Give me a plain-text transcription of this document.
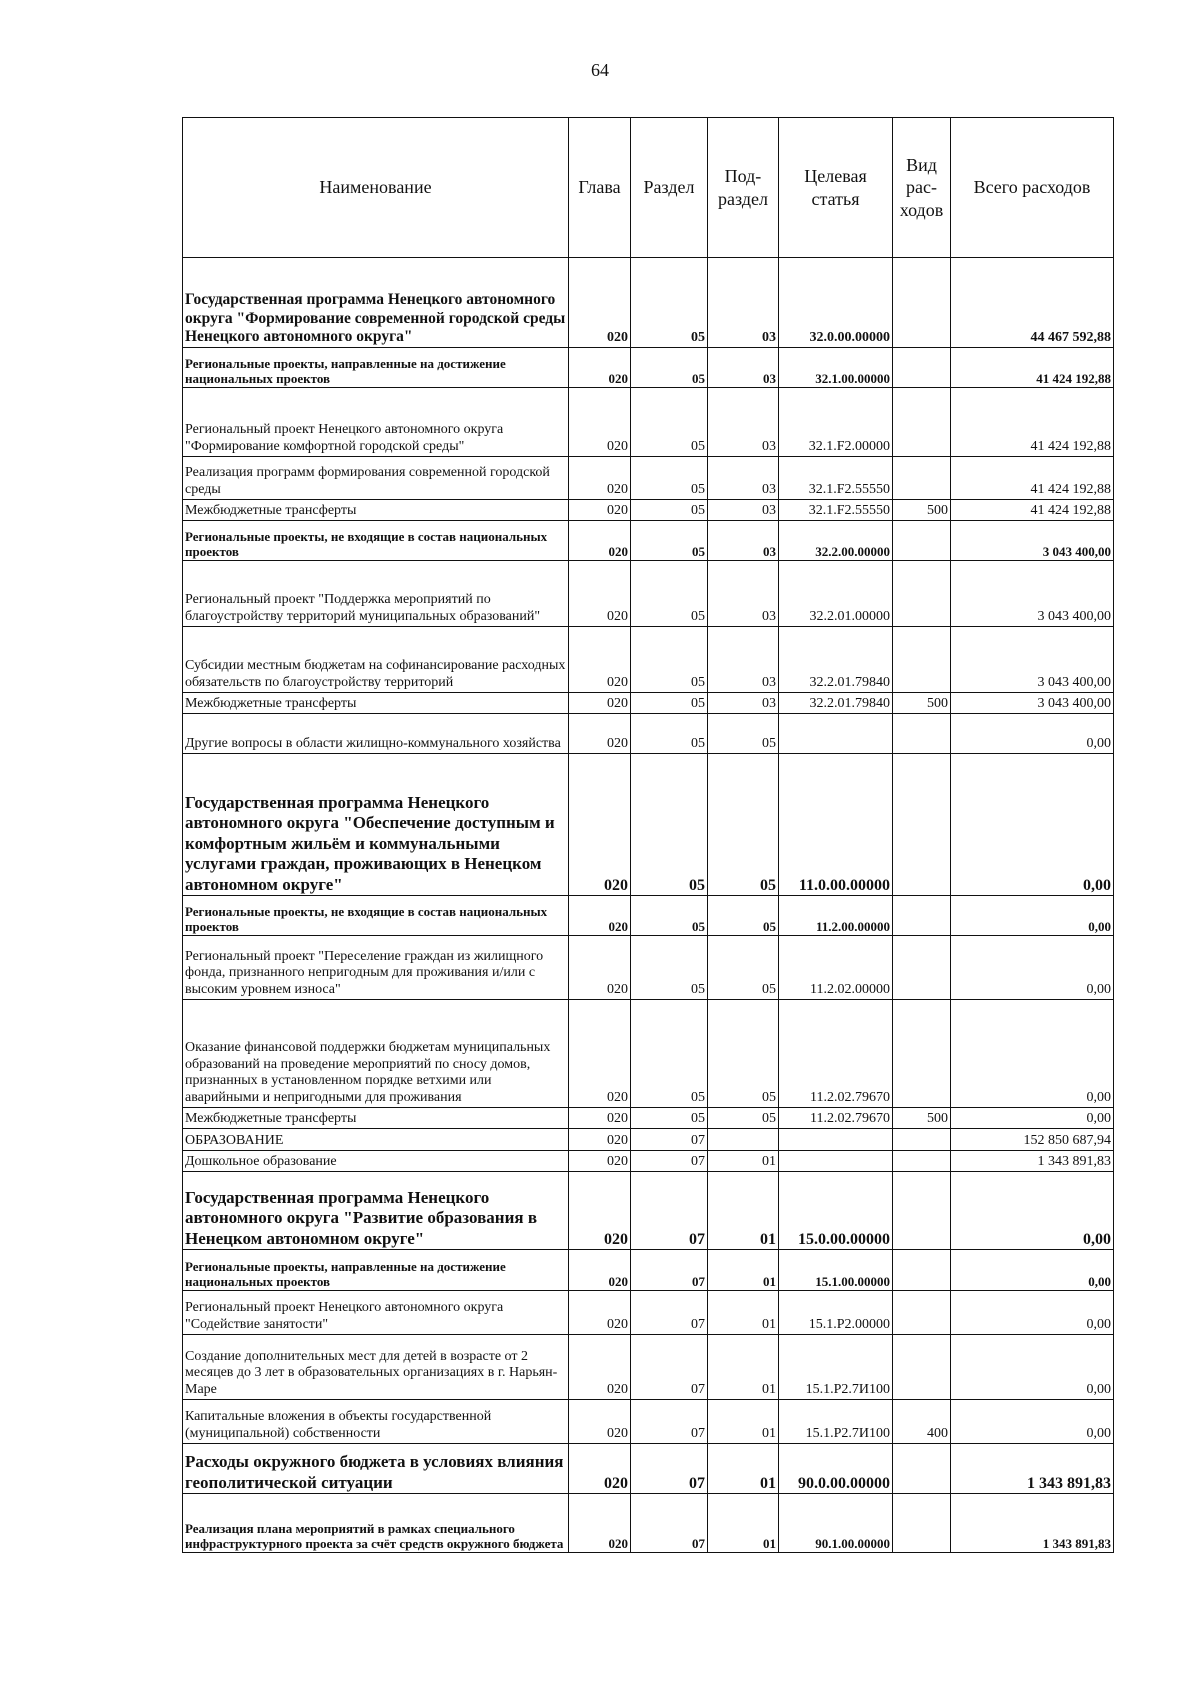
64
Наименование	Глава	Раздел	Под- раздел	Целевая статья	Вид рас- ходов	Всего расходов
Государственная программа Ненецкого автономного округа "Формирование современной городской среды Ненецкого автономного округа"	020	05	03	32.0.00.00000		44 467 592,88
Региональные проекты, направленные на достижение национальных проектов	020	05	03	32.1.00.00000		41 424 192,88
Региональный проект Ненецкого автономного округа "Формирование комфортной городской среды"	020	05	03	32.1.F2.00000		41 424 192,88
Реализация программ формирования современной городской среды	020	05	03	32.1.F2.55550		41 424 192,88
Межбюджетные трансферты	020	05	03	32.1.F2.55550	500	41 424 192,88
Региональные проекты, не входящие в состав национальных проектов	020	05	03	32.2.00.00000		3 043 400,00
Региональный проект "Поддержка мероприятий по благоустройству территорий муниципальных образований"	020	05	03	32.2.01.00000		3 043 400,00
Субсидии местным бюджетам на софинансирование расходных обязательств по благоустройству территорий	020	05	03	32.2.01.79840		3 043 400,00
Межбюджетные трансферты	020	05	03	32.2.01.79840	500	3 043 400,00
Другие вопросы в области жилищно-коммунального хозяйства	020	05	05			0,00
Государственная программа Ненецкого автономного округа "Обеспечение доступным и комфортным жильём и коммунальными услугами граждан, проживающих в Ненецком автономном округе"	020	05	05	11.0.00.00000		0,00
Региональные проекты, не входящие в состав национальных проектов	020	05	05	11.2.00.00000		0,00
Региональный проект "Переселение граждан из жилищного фонда, признанного непригодным для проживания и/или с высоким уровнем износа"	020	05	05	11.2.02.00000		0,00
Оказание финансовой поддержки бюджетам муниципальных образований на проведение мероприятий по сносу домов, признанных в установленном порядке ветхими или аварийными и непригодными для проживания	020	05	05	11.2.02.79670		0,00
Межбюджетные трансферты	020	05	05	11.2.02.79670	500	0,00
ОБРАЗОВАНИЕ	020	07				152 850 687,94
Дошкольное образование	020	07	01			1 343 891,83
Государственная программа Ненецкого автономного округа "Развитие образования в Ненецком автономном округе"	020	07	01	15.0.00.00000		0,00
Региональные проекты, направленные на достижение национальных проектов	020	07	01	15.1.00.00000		0,00
Региональный проект Ненецкого автономного округа "Содействие занятости"	020	07	01	15.1.P2.00000		0,00
Создание дополнительных мест для детей в возрасте от 2 месяцев до 3 лет в образовательных организациях в г. Нарьян-Маре	020	07	01	15.1.P2.7И100		0,00
Капитальные вложения в объекты государственной (муниципальной) собственности	020	07	01	15.1.P2.7И100	400	0,00
Расходы окружного бюджета в условиях влияния геополитической ситуации	020	07	01	90.0.00.00000		1 343 891,83
Реализация плана мероприятий в рамках специального инфраструктурного проекта за счёт средств окружного бюджета	020	07	01	90.1.00.00000		1 343 891,83
